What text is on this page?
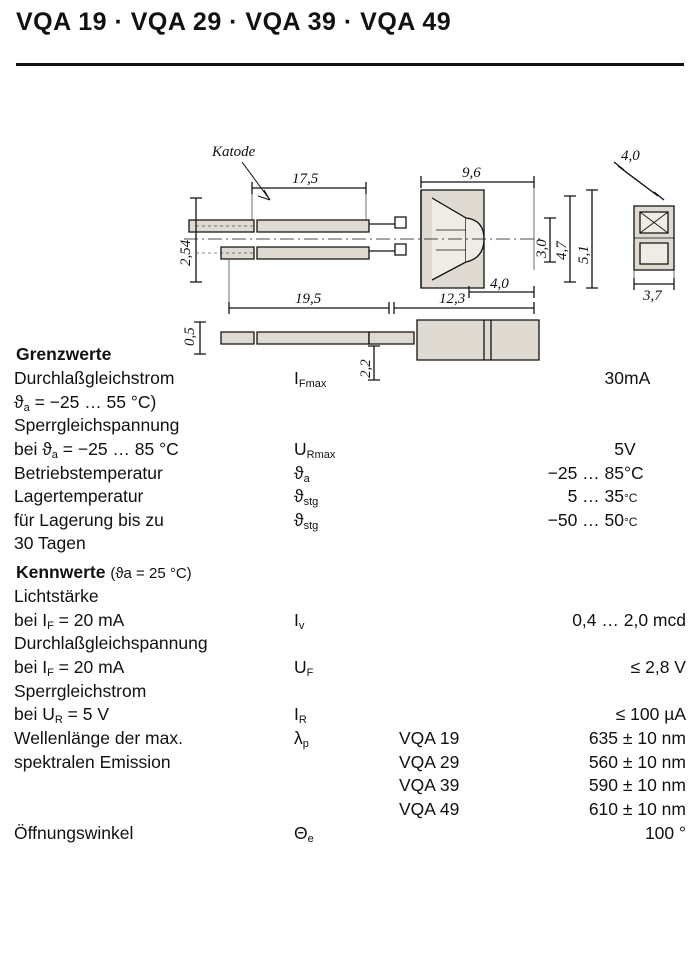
VQA 19 · VQA 29 · VQA 39 · VQA 49
Katode
17,5	9,6
4,0
19,5	12,3
4,0
3,7
2,54	3,0 4,7 5,1
0,5
2,2
Grenzwerte
Durchlaßgleichstrom	$I_{Fmax}$		30	mA
$ϑ_a = -25$ … 55 °C)				
Sperrgleichspannung				
bei $ϑ_a = -25$ … 85 °C	$U_{Rmax}$		5	V
Betriebstemperatur	$ϑ_a$		−25 … 85	°C
Lagertemperatur	$ϑ_{stg}$		5 … 35	°C
für Lagerung bis zu	$ϑ_{stg}$		−50 … 50	°C
30 Tagen				
Kennwerte (ϑa = 25 °C)
Lichtstärke			
bei $I_F = 20$ mA	$I_v$		0,4 … 2,0 mcd
Durchlaßgleichspannung			
bei $I_F = 20$ mA	$U_F$		≤ 2,8 V
Sperrgleichstrom			
bei $U_R = 5$ V	$I_R$		≤ 100 µA
Wellenlänge der max.	$\lambda_p$	VQA 19	635 ± 10 nm
spektralen Emission		VQA 29	560 ± 10 nm
		VQA 39	590 ± 10 nm
		VQA 49	610 ± 10 nm
Öffnungswinkel	$\Theta_e$		100 °
